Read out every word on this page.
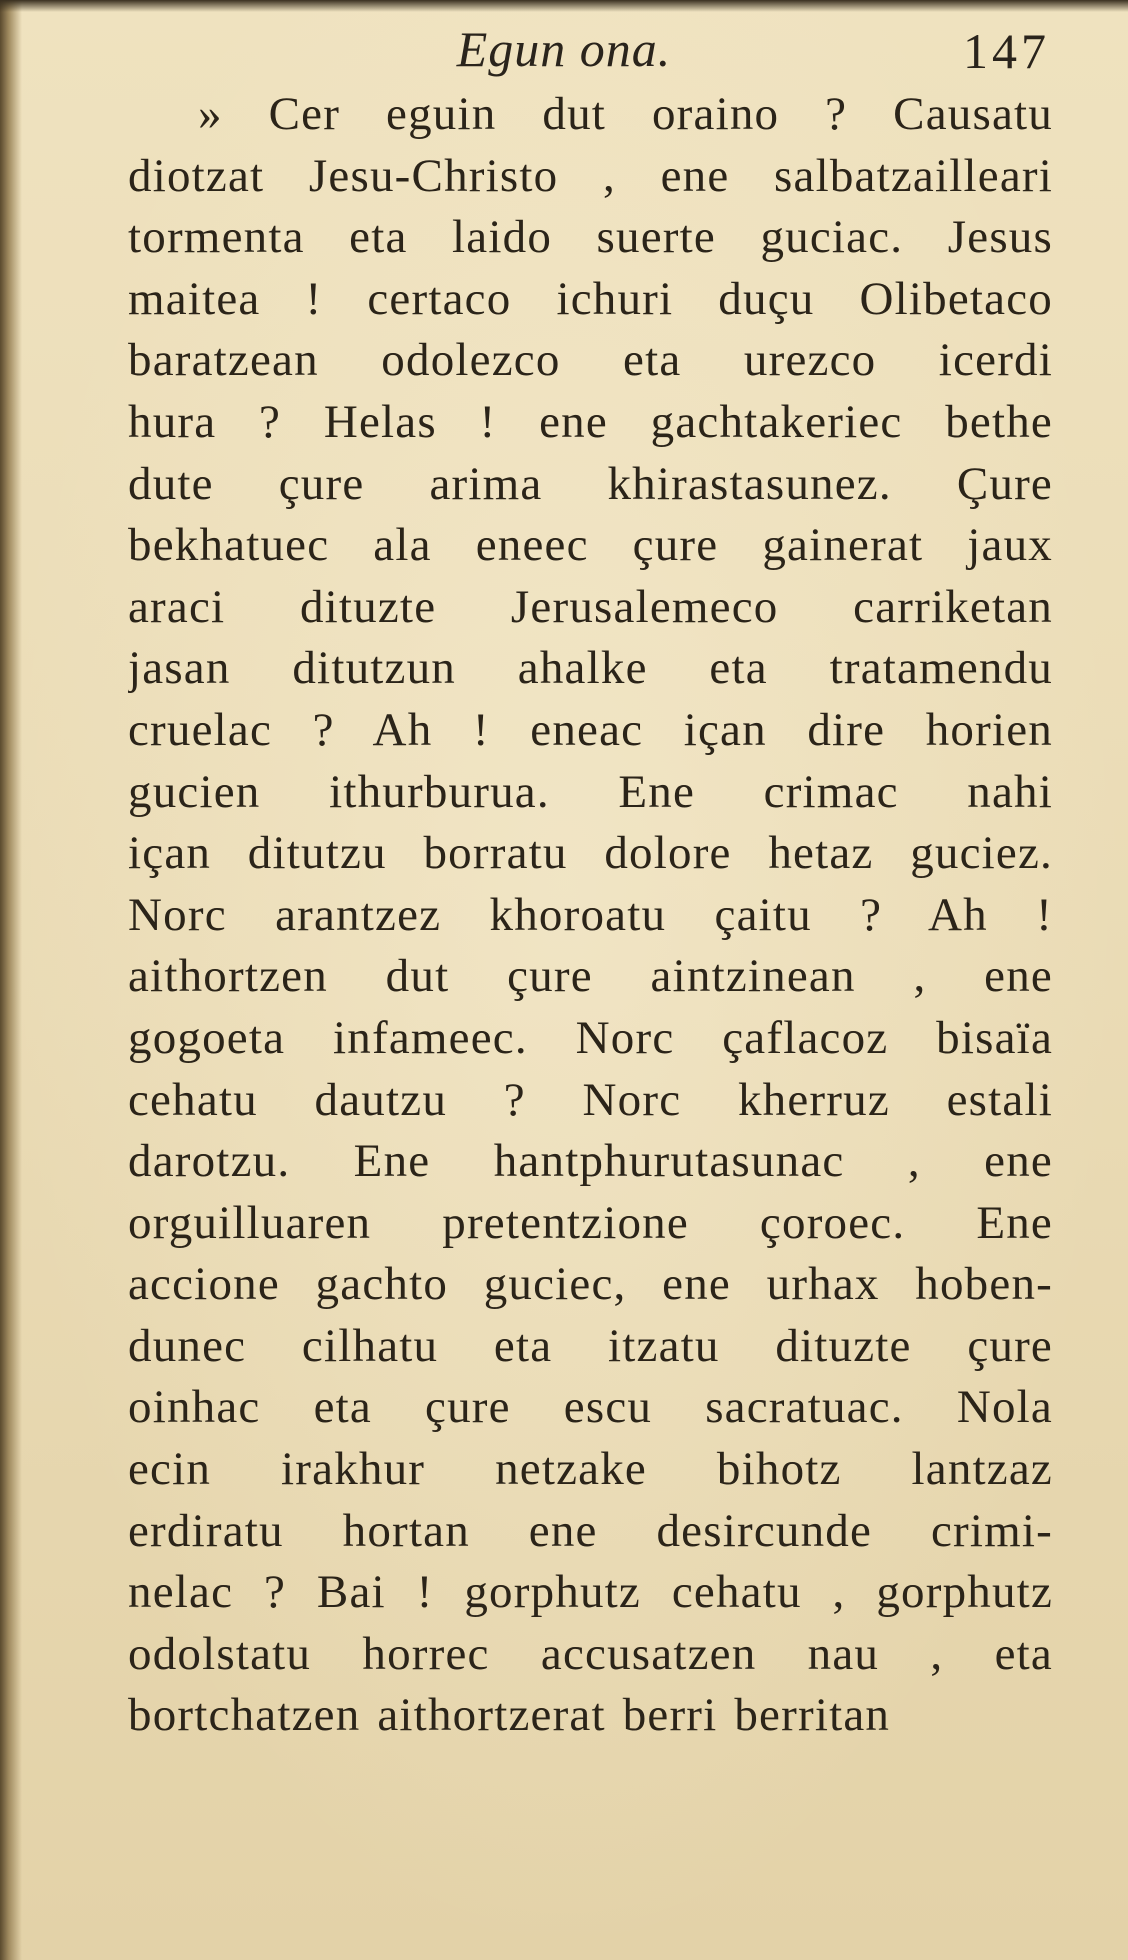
Egun ona.	147
» Cer eguin dut oraino ? Causatu
diotzat Jesu-Christo , ene salbatzailleari
tormenta eta laido suerte guciac. Jesus
maitea ! certaco ichuri duçu Olibetaco
baratzean odolezco eta urezco icerdi
hura ? Helas ! ene gachtakeriec bethe
dute çure arima khirastasunez. Çure
bekhatuec ala eneec çure gainerat jaux
araci dituzte Jerusalemeco carriketan
jasan ditutzun ahalke eta tratamendu
cruelac ? Ah ! eneac içan dire horien
gucien ithurburua. Ene crimac nahi
içan ditutzu borratu dolore hetaz guciez.
Norc arantzez khoroatu çaitu ? Ah !
aithortzen dut çure aintzinean , ene
gogoeta infameec. Norc çaflacoz bisaïa
cehatu dautzu ? Norc kherruz estali
darotzu. Ene hantphurutasunac , ene
orguilluaren pretentzione çoroec. Ene
accione gachto guciec, ene urhax hoben-
dunec cilhatu eta itzatu dituzte çure
oinhac eta çure escu sacratuac. Nola
ecin irakhur netzake bihotz lantzaz
erdiratu hortan ene desircunde crimi-
nelac ? Bai ! gorphutz cehatu , gorphutz
odolstatu horrec accusatzen nau , eta
bortchatzen aithortzerat berri berritan
